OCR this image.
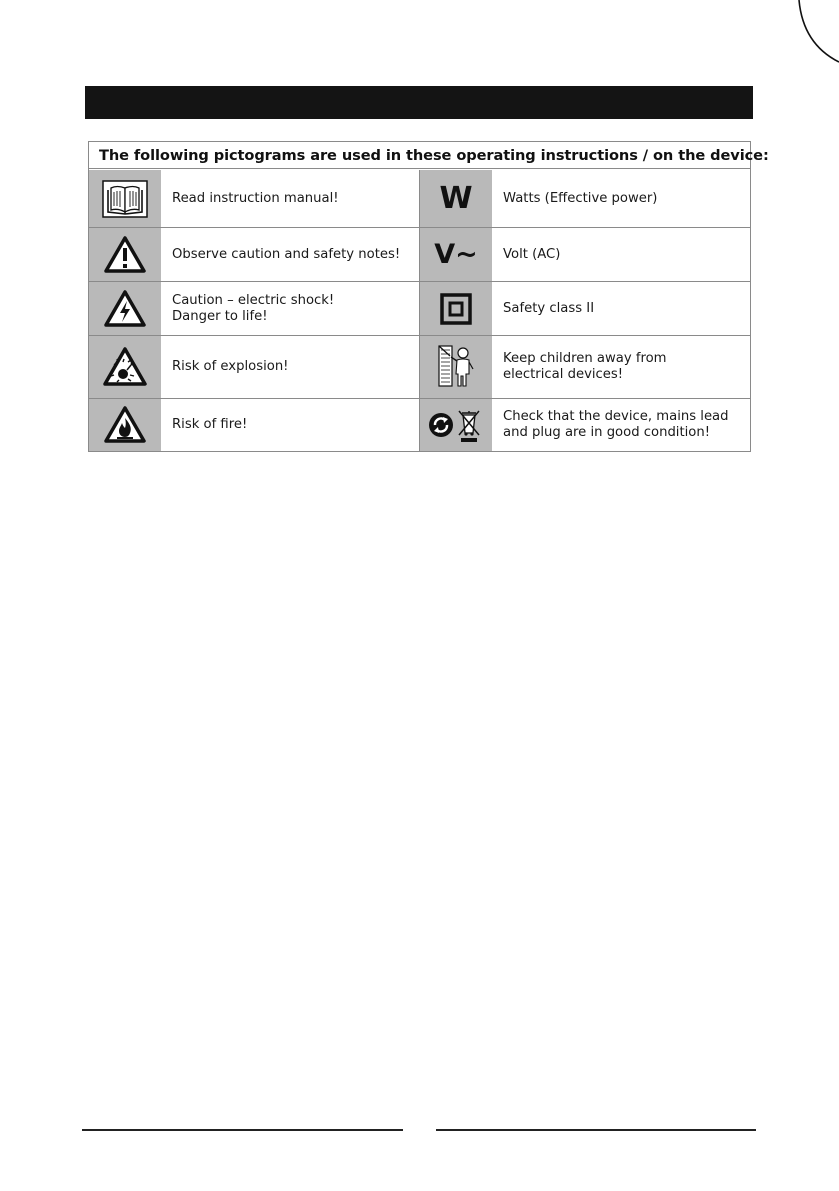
The following pictograms are used in these operating instructions / on the device:
Read instruction manual!	W Watts (Effective power)
Observe caution and safety notes!	V~ Volt (AC)
Caution – electric shock!
Danger to life!
Safety class II
Risk of explosion!
Keep children away from
electrical devices!
Risk of fire!
Check that the device, mains lead
and plug are in good condition!
